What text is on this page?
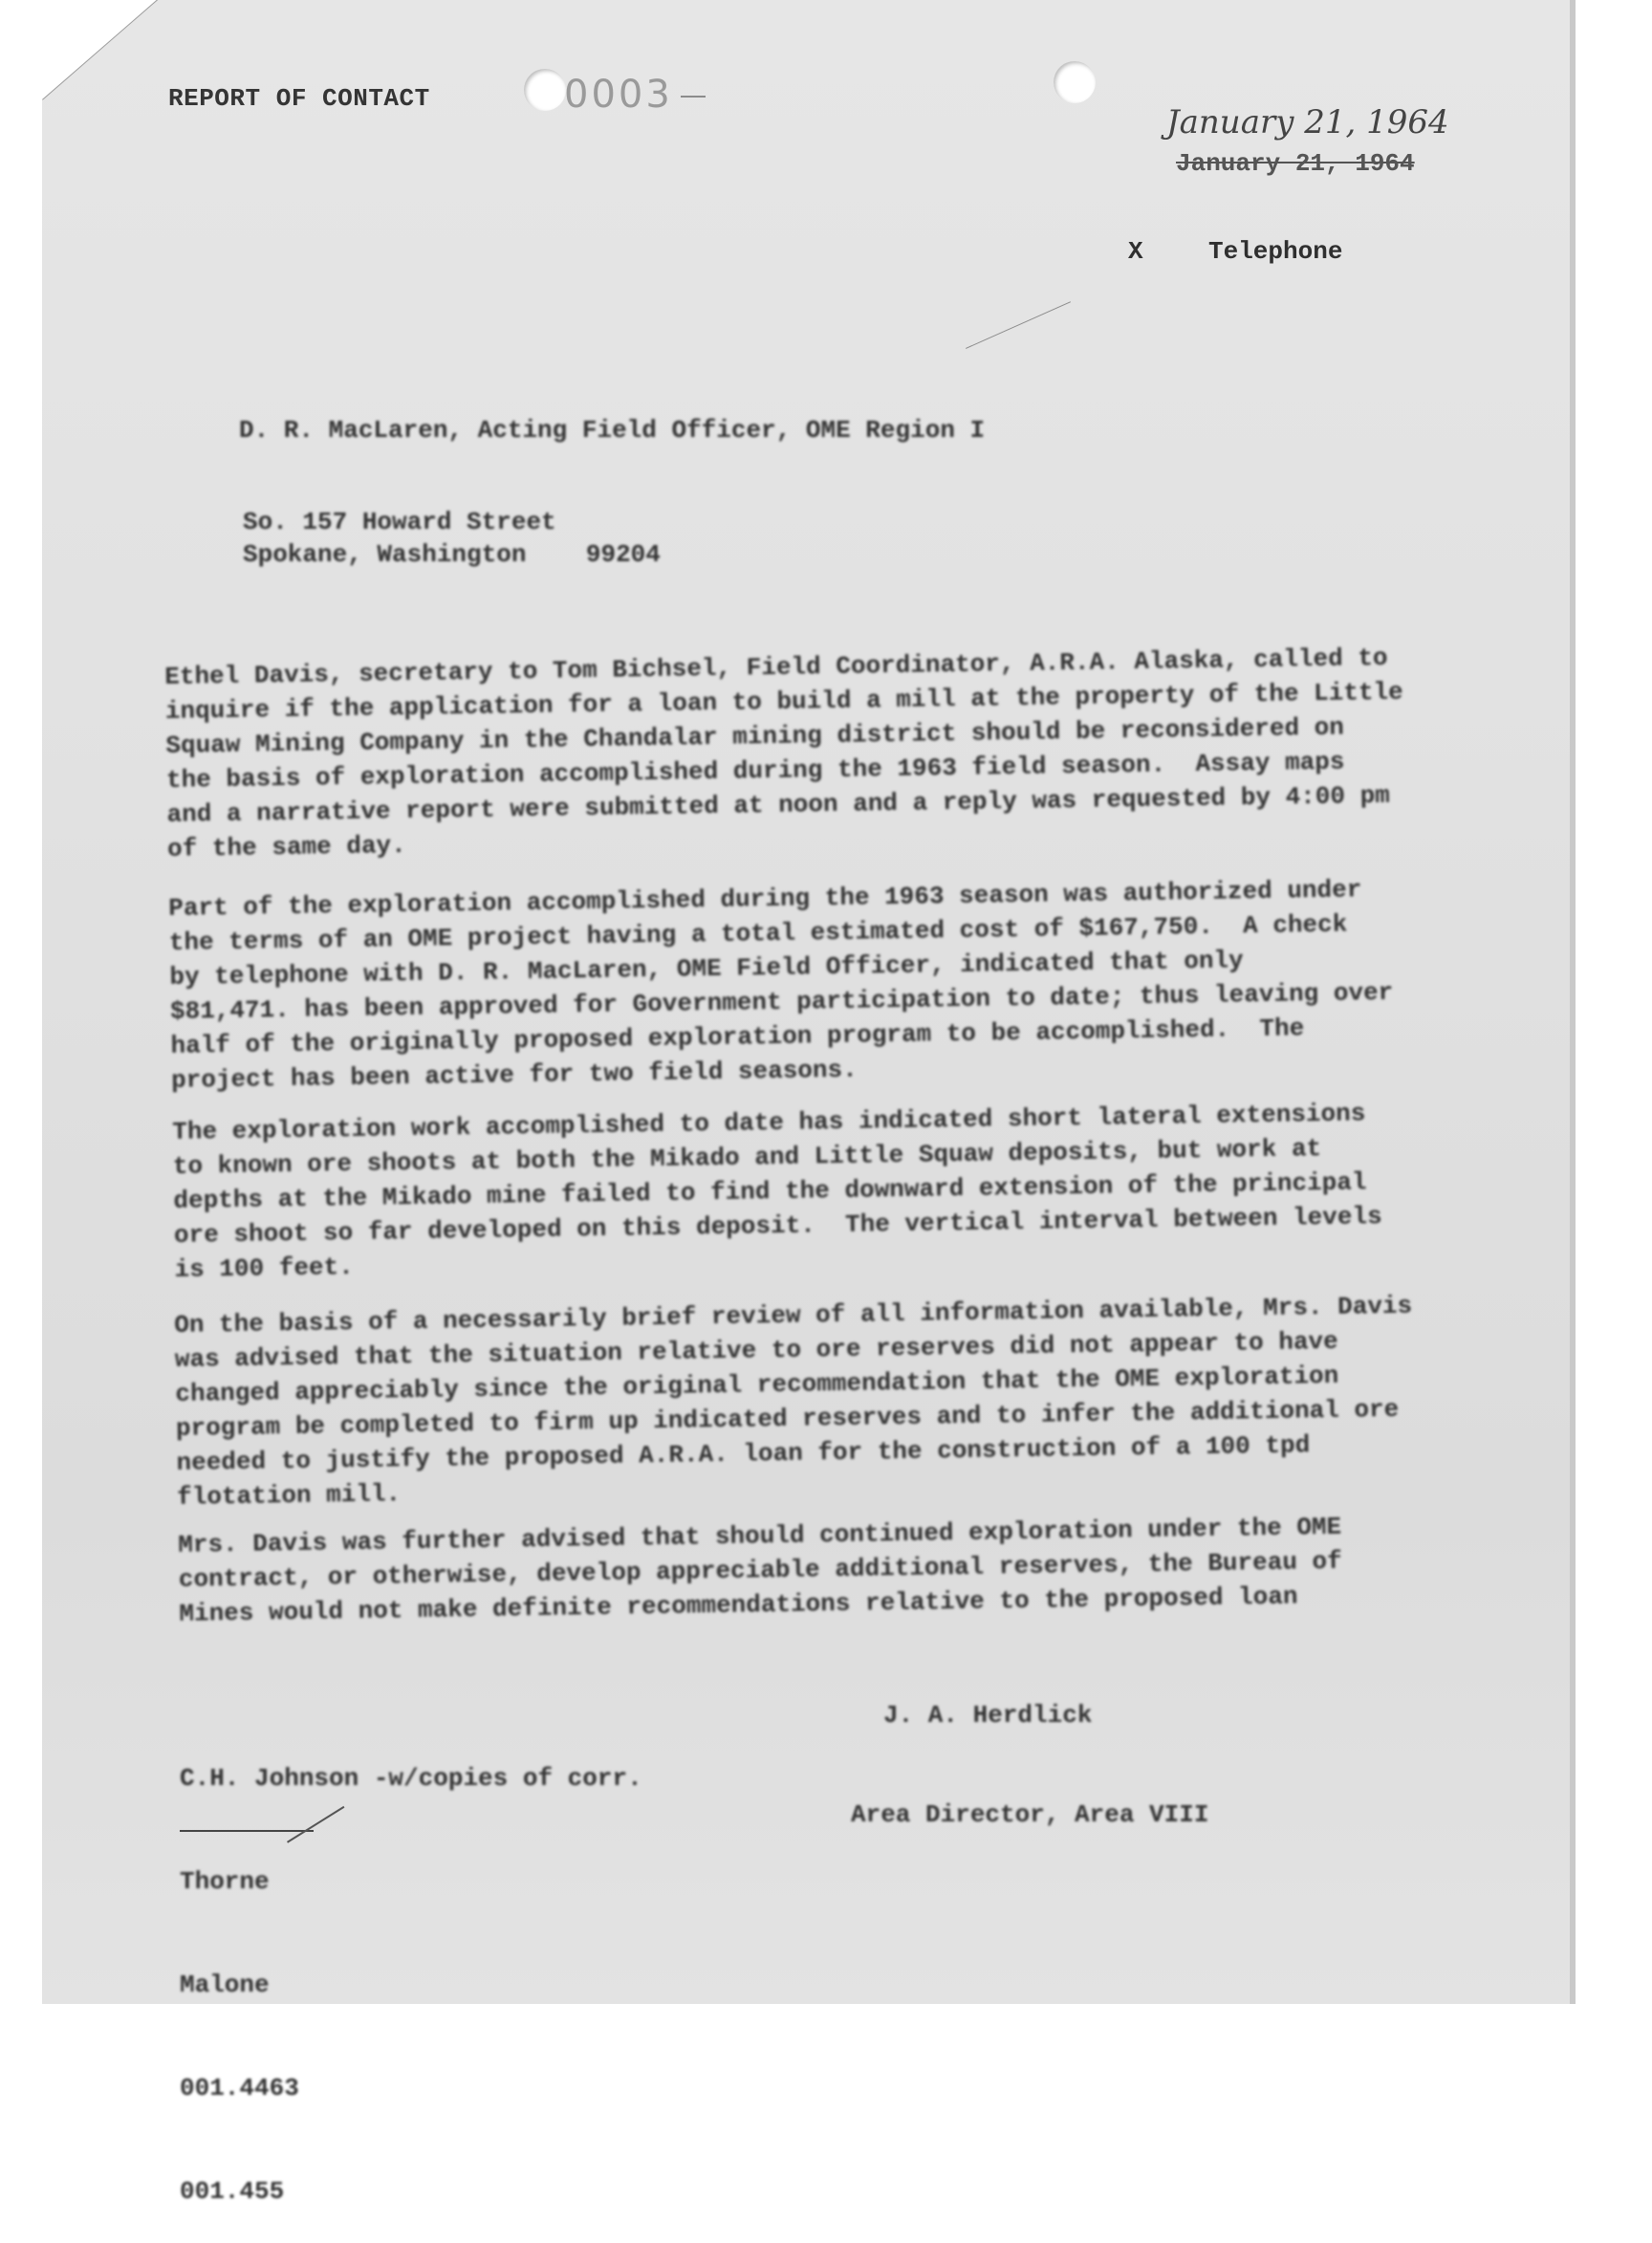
REPORT OF CONTACT	0003
January 21, 1964
January 21, 1964
X	Telephone
D. R. MacLaren, Acting Field Officer, OME Region I
So. 157 Howard Street
Spokane, Washington    99204
Ethel Davis, secretary to Tom Bichsel, Field Coordinator, A.R.A. Alaska, called to
inquire if the application for a loan to build a mill at the property of the Little
Squaw Mining Company in the Chandalar mining district should be reconsidered on
the basis of exploration accomplished during the 1963 field season.  Assay maps
and a narrative report were submitted at noon and a reply was requested by 4:00 pm
of the same day.
Part of the exploration accomplished during the 1963 season was authorized under
the terms of an OME project having a total estimated cost of $167,750.  A check
by telephone with D. R. MacLaren, OME Field Officer, indicated that only
$81,471. has been approved for Government participation to date; thus leaving over
half of the originally proposed exploration program to be accomplished.  The
project has been active for two field seasons.
The exploration work accomplished to date has indicated short lateral extensions
to known ore shoots at both the Mikado and Little Squaw deposits, but work at
depths at the Mikado mine failed to find the downward extension of the principal
ore shoot so far developed on this deposit.  The vertical interval between levels
is 100 feet.
On the basis of a necessarily brief review of all information available, Mrs. Davis
was advised that the situation relative to ore reserves did not appear to have
changed appreciably since the original recommendation that the OME exploration
program be completed to firm up indicated reserves and to infer the additional ore
needed to justify the proposed A.R.A. loan for the construction of a 100 tpd
flotation mill.
Mrs. Davis was further advised that should continued exploration under the OME
contract, or otherwise, develop appreciable additional reserves, the Bureau of
Mines would not make definite recommendations relative to the proposed loan

C.H. Johnson -w/copies of corr.

Thorne

Malone

001.4463

001.455

J. A. Herdlick
Area Director, Area VIII
